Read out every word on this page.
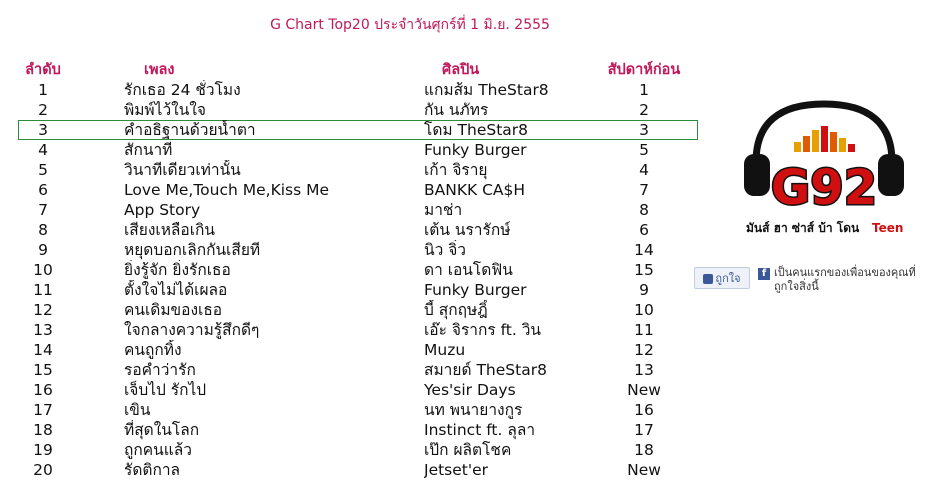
G Chart Top20 ประจำวันศุกร์ที่ 1 มิ.ย. 2555
ลำดับ	เพลง	ศิลปิน	สัปดาห์ก่อน
1	รักเธอ 24 ชั่วโมง	แกมส้ม TheStar8	1
2	พิมพ์ไว้ในใจ	กัน นภัทร	2
3	คำอธิฐานด้วยน้ำตา	โดม TheStar8	3
4	สักนาที	Funky Burger	5
5	วินาทีเดียวเท่านั้น	เก้า จิรายุ	4
6	Love Me,Touch Me,Kiss Me	BANKK CA$H	7
7	App Story	มาช่า	8
8	เสียงเหลือเกิน	เต้น นรารักษ์	6
9	หยุดบอกเลิกกันเสียที	นิว จิ๋ว	14
10	ยิ่งรู้จัก ยิ่งรักเธอ	ดา เอนโดฟิน	15
11	ตั้งใจไม่ได้เผลอ	Funky Burger	9
12	คนเดิมของเธอ	บี้ สุกฤษฎิ์	10
13	ใจกลางความรู้สึกดีๆ	เอ๊ะ จิรากร ft. วิน	11
14	คนถูกทิ้ง	Muzu	12
15	รอคำว่ารัก	สมายด์ TheStar8	13
16	เจ็บไป รักไป	Yes'sir Days	New
17	เขิน	นท พนายางกูร	16
18	ที่สุดในโลก	Instinct ft. ลุลา	17
19	ถูกคนแล้ว	เป๊ก ผลิตโชค	18
20	รัดติกาล	Jetset'er	New
G92
มันส์ ฮา ซ่าส์ บ้า โดน Teen
ถูกใจ	f เป็นคนแรกของเพื่อนของคุณที่ถูกใจสิ่งนี้
